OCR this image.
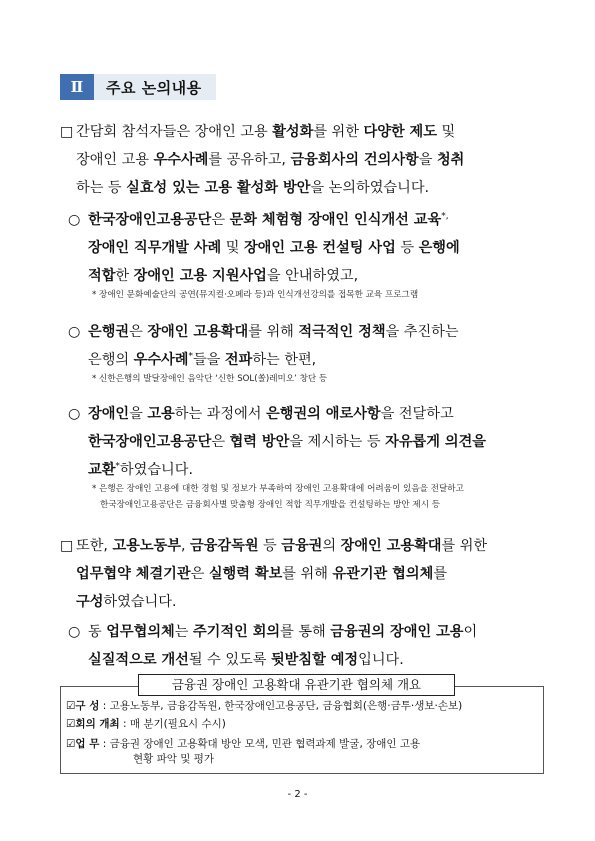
Ⅱ	주요 논의내용
□ 간담회 참석자들은 장애인 고용 활성화를 위한 다양한 제도 및
장애인 고용 우수사례를 공유하고, 금융회사의 건의사항을 청취
하는 등 실효성 있는 고용 활성화 방안을 논의하였습니다.
○ 한국장애인고용공단은 문화 체험형 장애인 인식개선 교육*,
장애인 직무개발 사례 및 장애인 고용 컨설팅 사업 등 은행에
적합한 장애인 고용 지원사업을 안내하였고,
* 장애인 문화예술단의 공연(뮤지컬·오페라 등)과 인식개선강의를 접목한 교육 프로그램
○ 은행권은 장애인 고용확대를 위해 적극적인 정책을 추진하는
은행의 우수사례*들을 전파하는 한편,
* 신한은행의 발달장애인 음악단 ‘신한 SOL(쏠)레미오’ 창단 등
○ 장애인을 고용하는 과정에서 은행권의 애로사항을 전달하고
한국장애인고용공단은 협력 방안을 제시하는 등 자유롭게 의견을
교환*하였습니다.
* 은행은 장애인 고용에 대한 경험 및 정보가 부족하여 장애인 고용확대에 어려움이 있음을 전달하고
한국장애인고용공단은 금융회사별 맞춤형 장애인 적합 직무개발을 컨설팅하는 방안 제시 등
□ 또한, 고용노동부, 금융감독원 등 금융권의 장애인 고용확대를 위한
업무협약 체결기관은 실행력 확보를 위해 유관기관 협의체를
구성하였습니다.
○ 동 업무협의체는 주기적인 회의를 통해 금융권의 장애인 고용이
실질적으로 개선될 수 있도록 뒷받침할 예정입니다.
금융권 장애인 고용확대 유관기관 협의체 개요
☑구 성 : 고용노동부, 금융감독원, 한국장애인고용공단, 금융협회(은행·금투·생보·손보)
☑회의 개최 : 매 분기(필요시 수시)
☑업 무 : 금융권 장애인 고용확대 방안 모색, 민관 협력과제 발굴, 장애인 고용
현황 파악 및 평가
- 2 -
